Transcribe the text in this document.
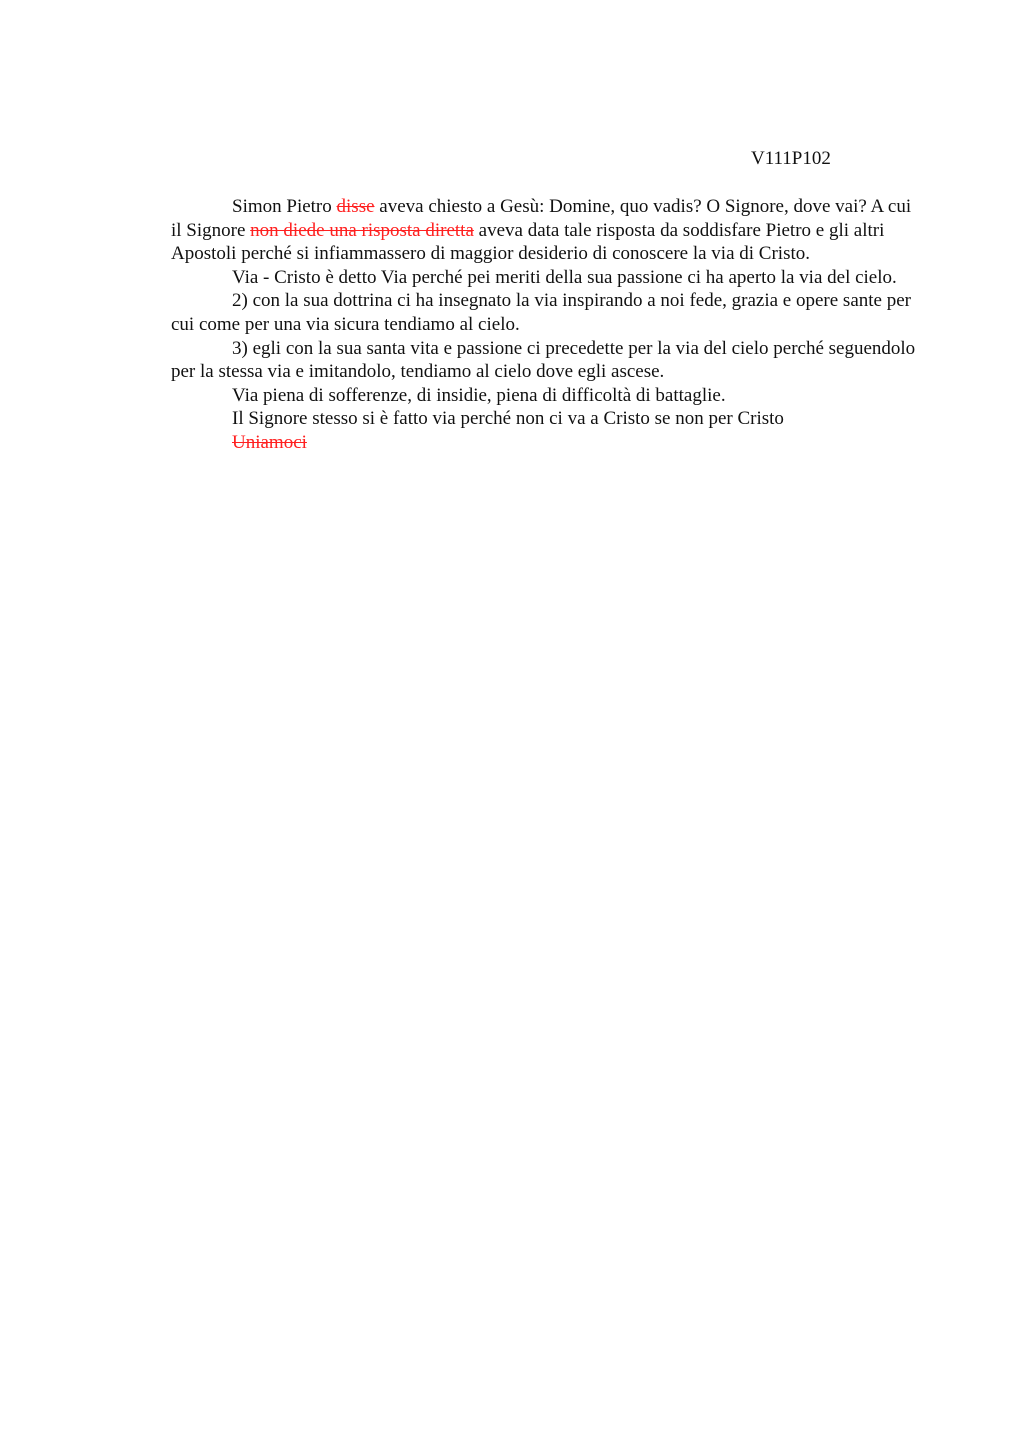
V111P102

Simon Pietro disse aveva chiesto a Gesù: Domine, quo vadis? O Signore, dove vai? A cui il Signore non diede una risposta diretta aveva data tale risposta da soddisfare Pietro e gli altri Apostoli perché si infiammassero di maggior desiderio di conoscere la via di Cristo.

Via - Cristo è detto Via perché pei meriti della sua passione ci ha aperto la via del cielo.

2) con la sua dottrina ci ha insegnato la via inspirando a noi fede, grazia e opere sante per cui come per una via sicura tendiamo al cielo.

3) egli con la sua santa vita e passione ci precedette per la via del cielo perché seguendolo per la stessa via e imitandolo, tendiamo al cielo dove egli ascese.

Via piena di sofferenze, di insidie, piena di difficoltà di battaglie.

Il Signore stesso si è fatto via perché non ci va a Cristo se non per Cristo

Uniamoci
